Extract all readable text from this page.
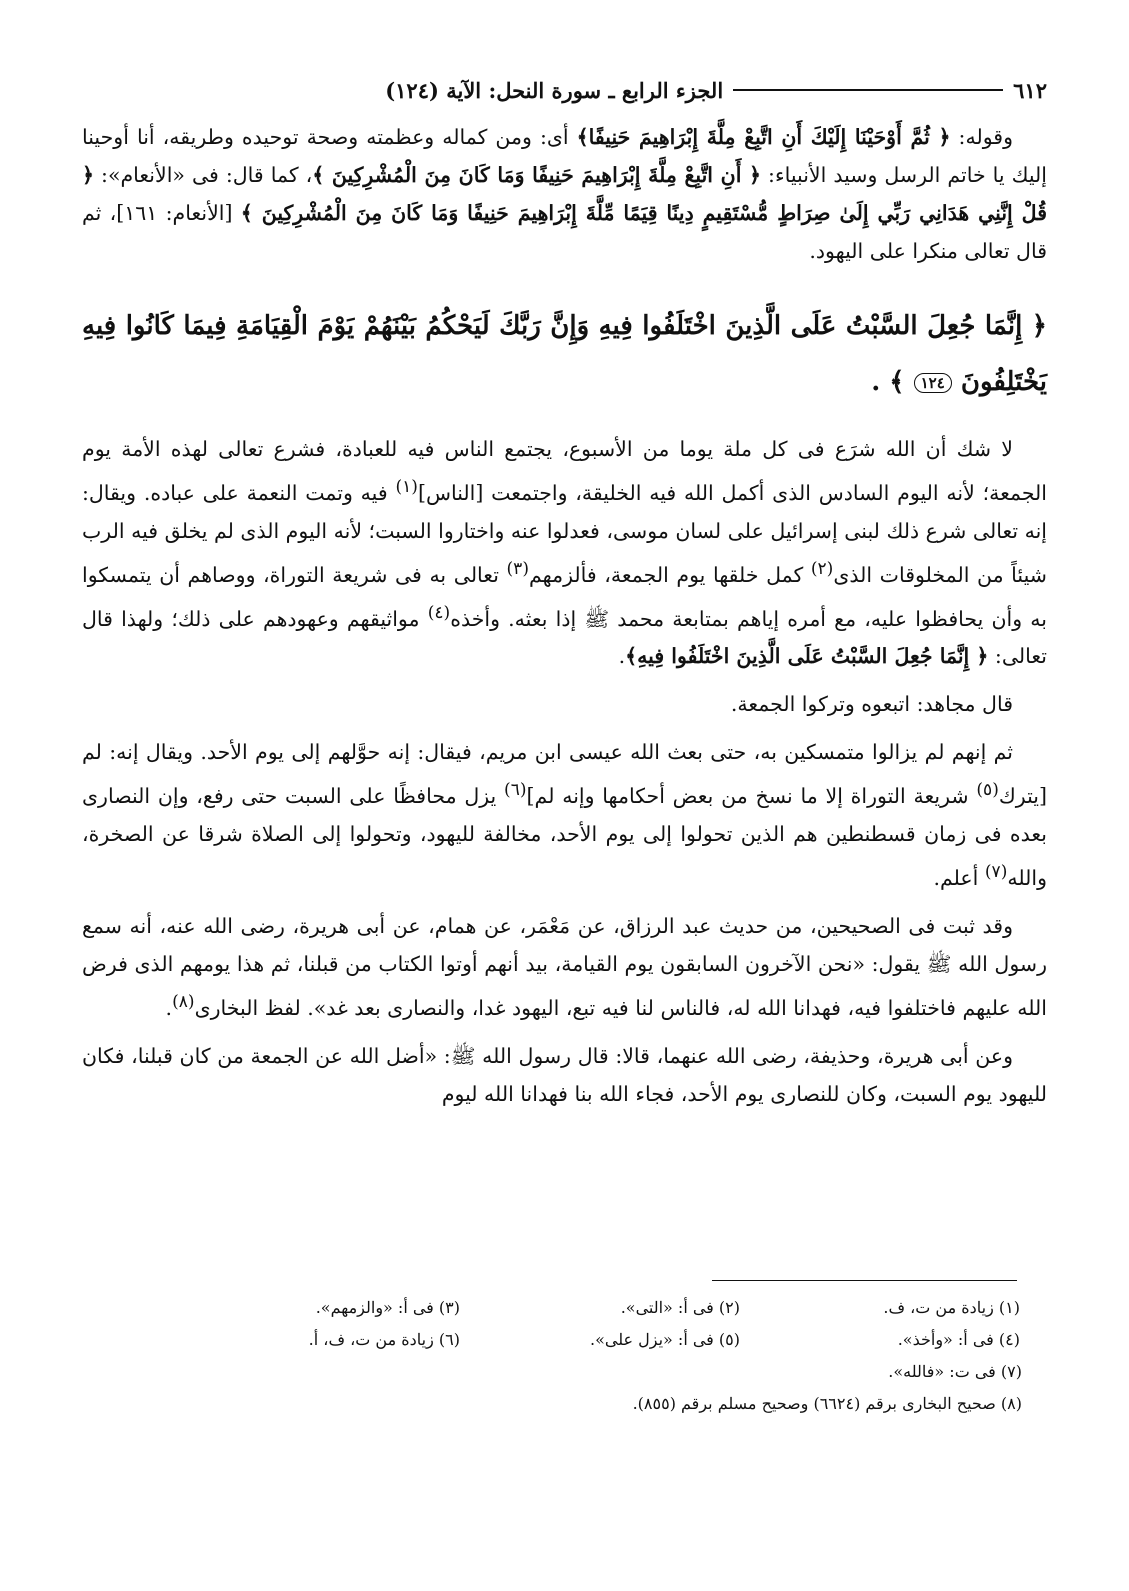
٦١٢
الجزء الرابع ـ سورة النحل: الآية (١٢٤)

وقوله: ﴿ ثُمَّ أَوْحَيْنَا إِلَيْكَ أَنِ اتَّبِعْ مِلَّةَ إِبْرَاهِيمَ حَنِيفًا﴾ أى: ومن كماله وعظمته وصحة توحيده وطريقه، أنا أوحينا إليك يا خاتم الرسل وسيد الأنبياء: ﴿ أَنِ اتَّبِعْ مِلَّةَ إِبْرَاهِيمَ حَنِيفًا وَمَا كَانَ مِنَ الْمُشْرِكِينَ ﴾، كما قال: فى «الأنعام»: ﴿ قُلْ إِنَّنِي هَدَانِي رَبِّي إِلَىٰ صِرَاطٍ مُّسْتَقِيمٍ دِينًا قِيَمًا مِّلَّةَ إِبْرَاهِيمَ حَنِيفًا وَمَا كَانَ مِنَ الْمُشْرِكِينَ ﴾ [الأنعام: ١٦١]، ثم قال تعالى منكرا على اليهود.

﴿ إِنَّمَا جُعِلَ السَّبْتُ عَلَى الَّذِينَ اخْتَلَفُوا فِيهِ وَإِنَّ رَبَّكَ لَيَحْكُمُ بَيْنَهُمْ يَوْمَ الْقِيَامَةِ فِيمَا كَانُوا فِيهِ يَخْتَلِفُونَ ١٢٤ ﴾ .

لا شك أن الله شرَع فى كل ملة يوما من الأسبوع، يجتمع الناس فيه للعبادة، فشرع تعالى لهذه الأمة يوم الجمعة؛ لأنه اليوم السادس الذى أكمل الله فيه الخليقة، واجتمعت [الناس]$^{(١)}$ فيه وتمت النعمة على عباده. ويقال: إنه تعالى شرع ذلك لبنى إسرائيل على لسان موسى، فعدلوا عنه واختاروا السبت؛ لأنه اليوم الذى لم يخلق فيه الرب شيئاً من المخلوقات الذى$^{(٢)}$ كمل خلقها يوم الجمعة، فألزمهم$^{(٣)}$ تعالى به فى شريعة التوراة، ووصاهم أن يتمسكوا به وأن يحافظوا عليه، مع أمره إياهم بمتابعة محمد ﷺ إذا بعثه. وأخذه$^{(٤)}$ مواثيقهم وعهودهم على ذلك؛ ولهذا قال تعالى: ﴿ إِنَّمَا جُعِلَ السَّبْتُ عَلَى الَّذِينَ اخْتَلَفُوا فِيهِ﴾.

قال مجاهد: اتبعوه وتركوا الجمعة.

ثم إنهم لم يزالوا متمسكين به، حتى بعث الله عيسى ابن مريم، فيقال: إنه حوَّلهم إلى يوم الأحد. ويقال إنه: لم [يترك$^{(٥)}$ شريعة التوراة إلا ما نسخ من بعض أحكامها وإنه لم]$^{(٦)}$ يزل محافظًا على السبت حتى رفع، وإن النصارى بعده فى زمان قسطنطين هم الذين تحولوا إلى يوم الأحد، مخالفة لليهود، وتحولوا إلى الصلاة شرقا عن الصخرة، والله$^{(٧)}$ أعلم.

وقد ثبت فى الصحيحين، من حديث عبد الرزاق، عن مَعْمَر، عن همام، عن أبى هريرة، رضى الله عنه، أنه سمع رسول الله ﷺ يقول: «نحن الآخرون السابقون يوم القيامة، بيد أنهم أوتوا الكتاب من قبلنا، ثم هذا يومهم الذى فرض الله عليهم فاختلفوا فيه، فهدانا الله له، فالناس لنا فيه تبع، اليهود غدا، والنصارى بعد غد». لفظ البخارى$^{(٨)}$.

وعن أبى هريرة، وحذيفة، رضى الله عنهما، قالا: قال رسول الله ﷺ: «أضل الله عن الجمعة من كان قبلنا، فكان لليهود يوم السبت، وكان للنصارى يوم الأحد، فجاء الله بنا فهدانا الله ليوم

(١) زيادة من ت، ف.
(٢) فى أ: «التى».
(٣) فى أ: «والزمهم».
(٤) فى أ: «وأخذ».
(٥) فى أ: «يزل على».
(٦) زيادة من ت، ف، أ.
(٧) فى ت: «فالله».
(٨) صحيح البخارى برقم (٦٦٢٤) وصحيح مسلم برقم (٨٥٥).
